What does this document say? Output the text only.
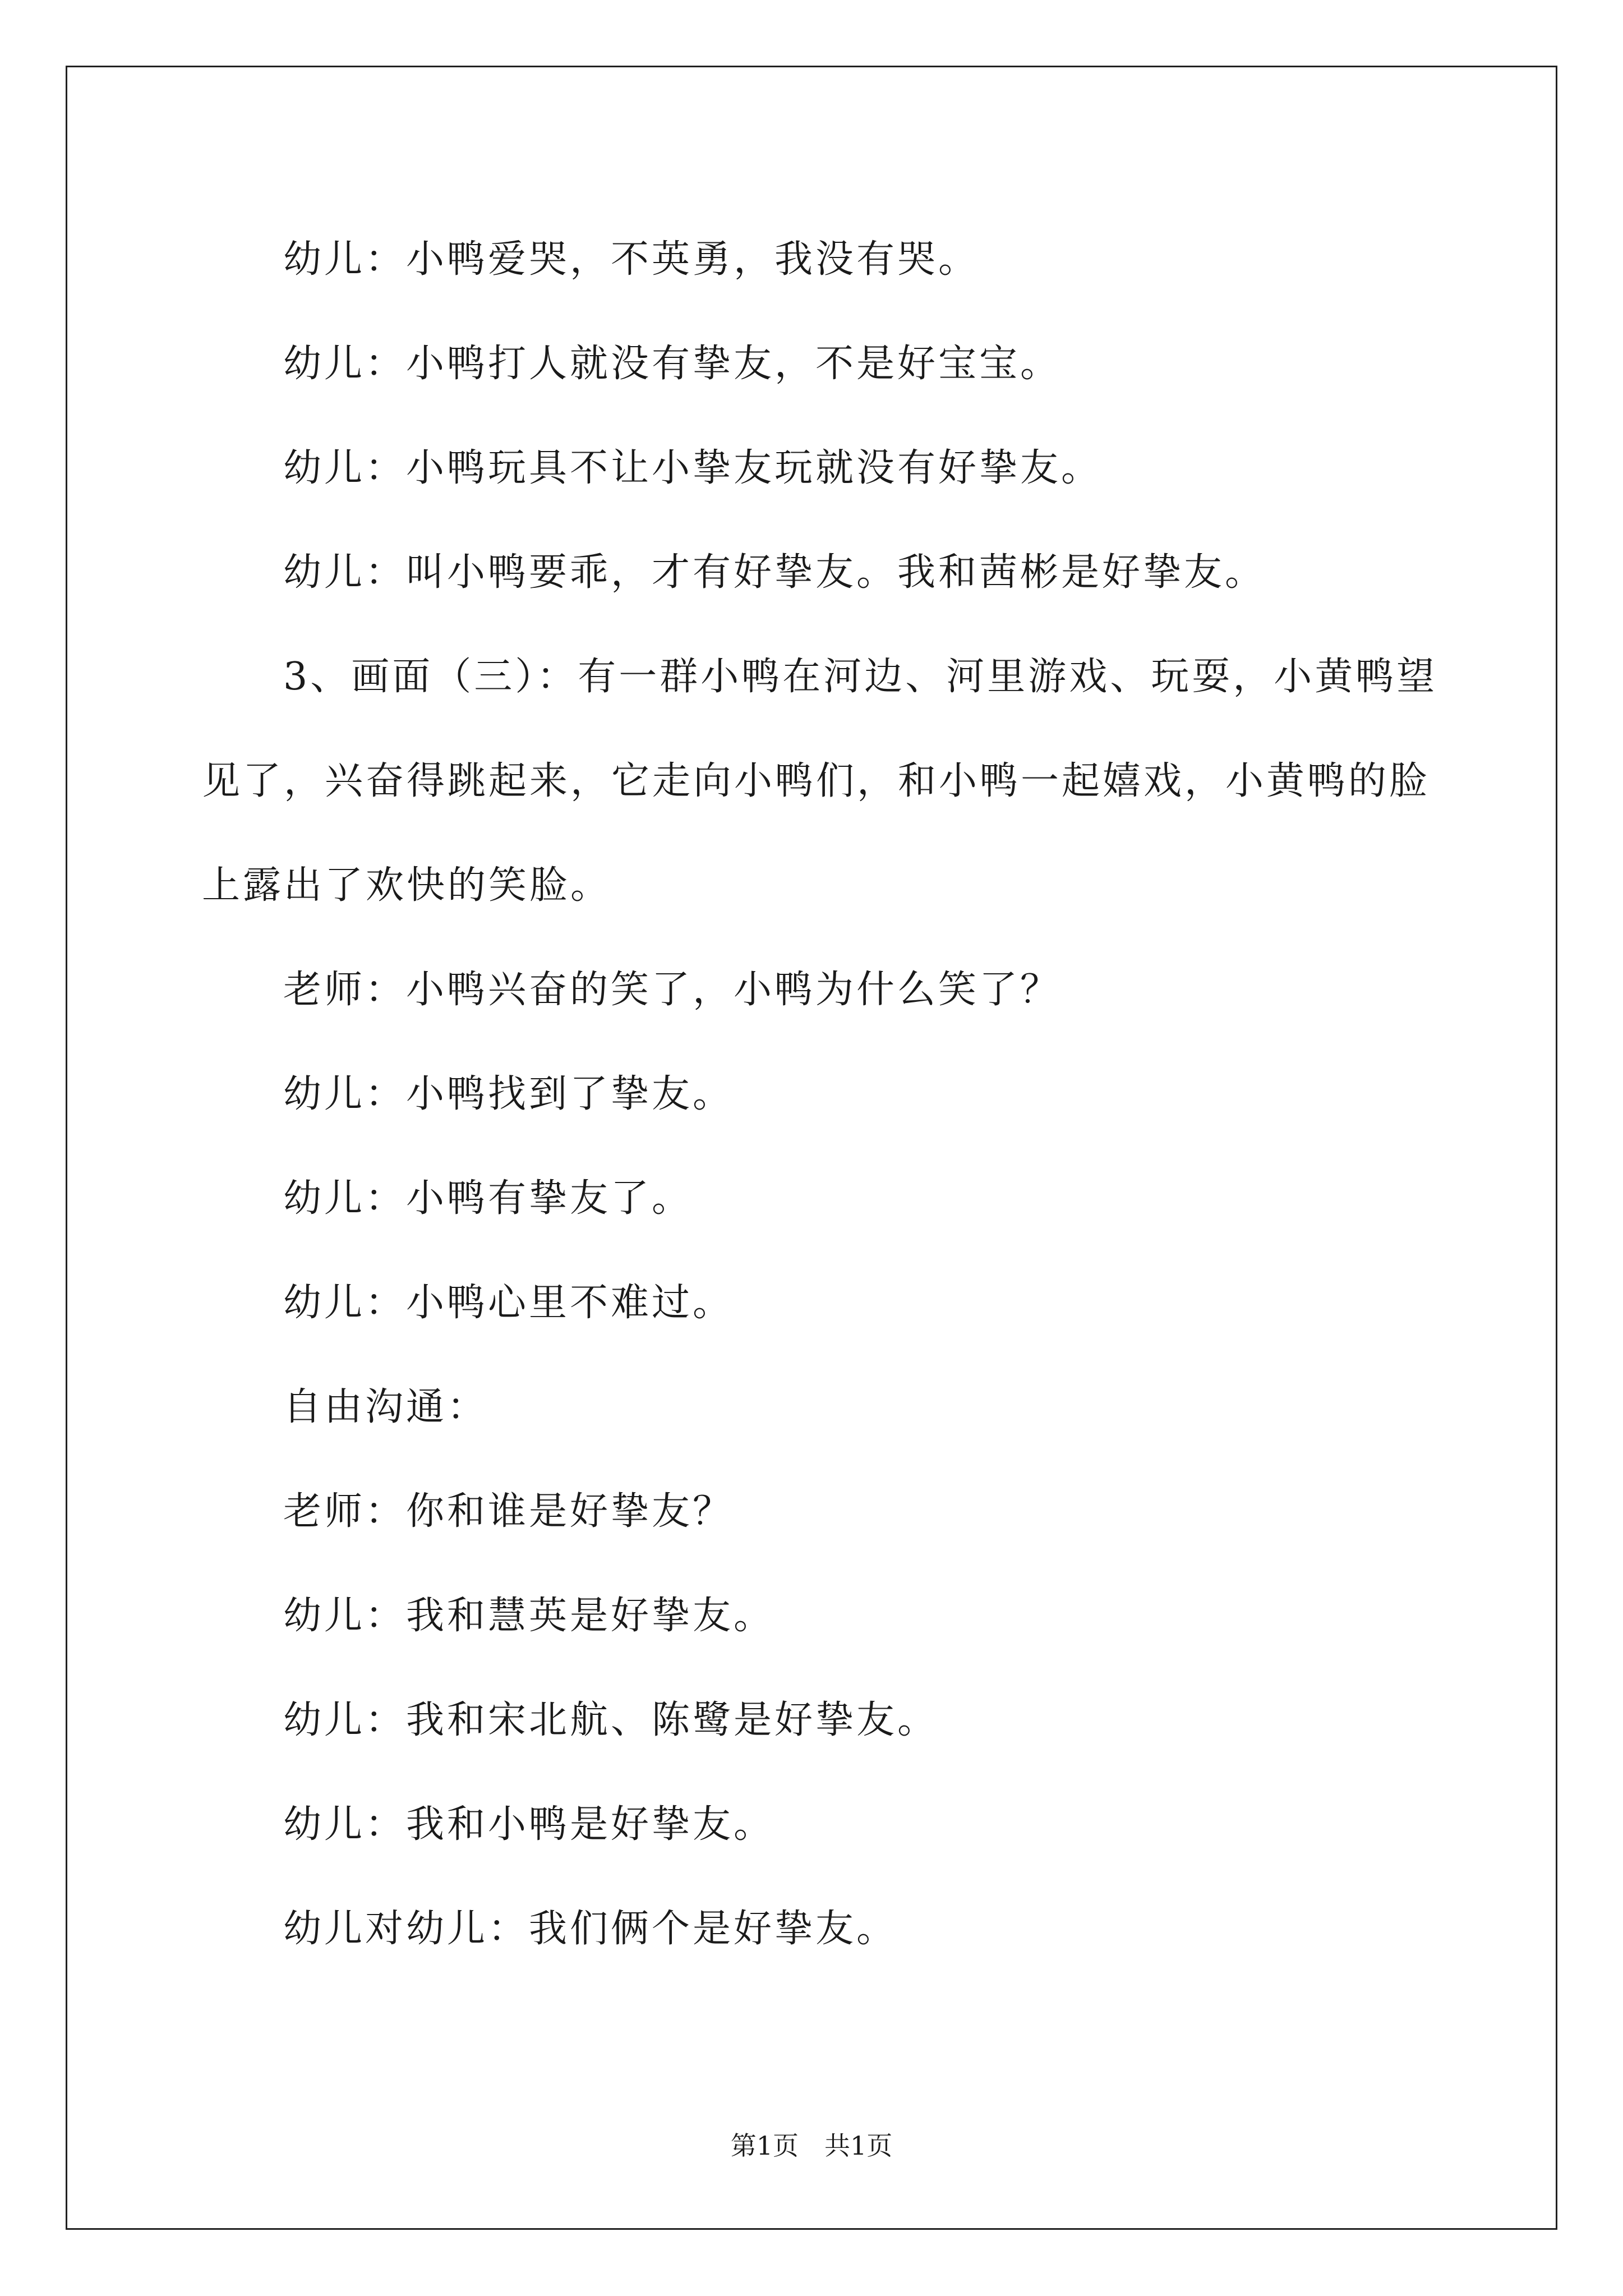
幼儿：小鸭爱哭，不英勇，我没有哭。

幼儿：小鸭打人就没有挚友，不是好宝宝。

幼儿：小鸭玩具不让小挚友玩就没有好挚友。

幼儿：叫小鸭要乖，才有好挚友。我和茜彬是好挚友。

3、画面（三）：有一群小鸭在河边、河里游戏、玩耍，小黄鸭望见了，兴奋得跳起来，它走向小鸭们，和小鸭一起嬉戏，小黄鸭的脸上露出了欢快的笑脸。

老师：小鸭兴奋的笑了，小鸭为什么笑了？

幼儿：小鸭找到了挚友。

幼儿：小鸭有挚友了。

幼儿：小鸭心里不难过。

自由沟通：

老师：你和谁是好挚友？

幼儿：我和慧英是好挚友。

幼儿：我和宋北航、陈鹭是好挚友。

幼儿：我和小鸭是好挚友。

幼儿对幼儿：我们俩个是好挚友。

第1页　共1页
